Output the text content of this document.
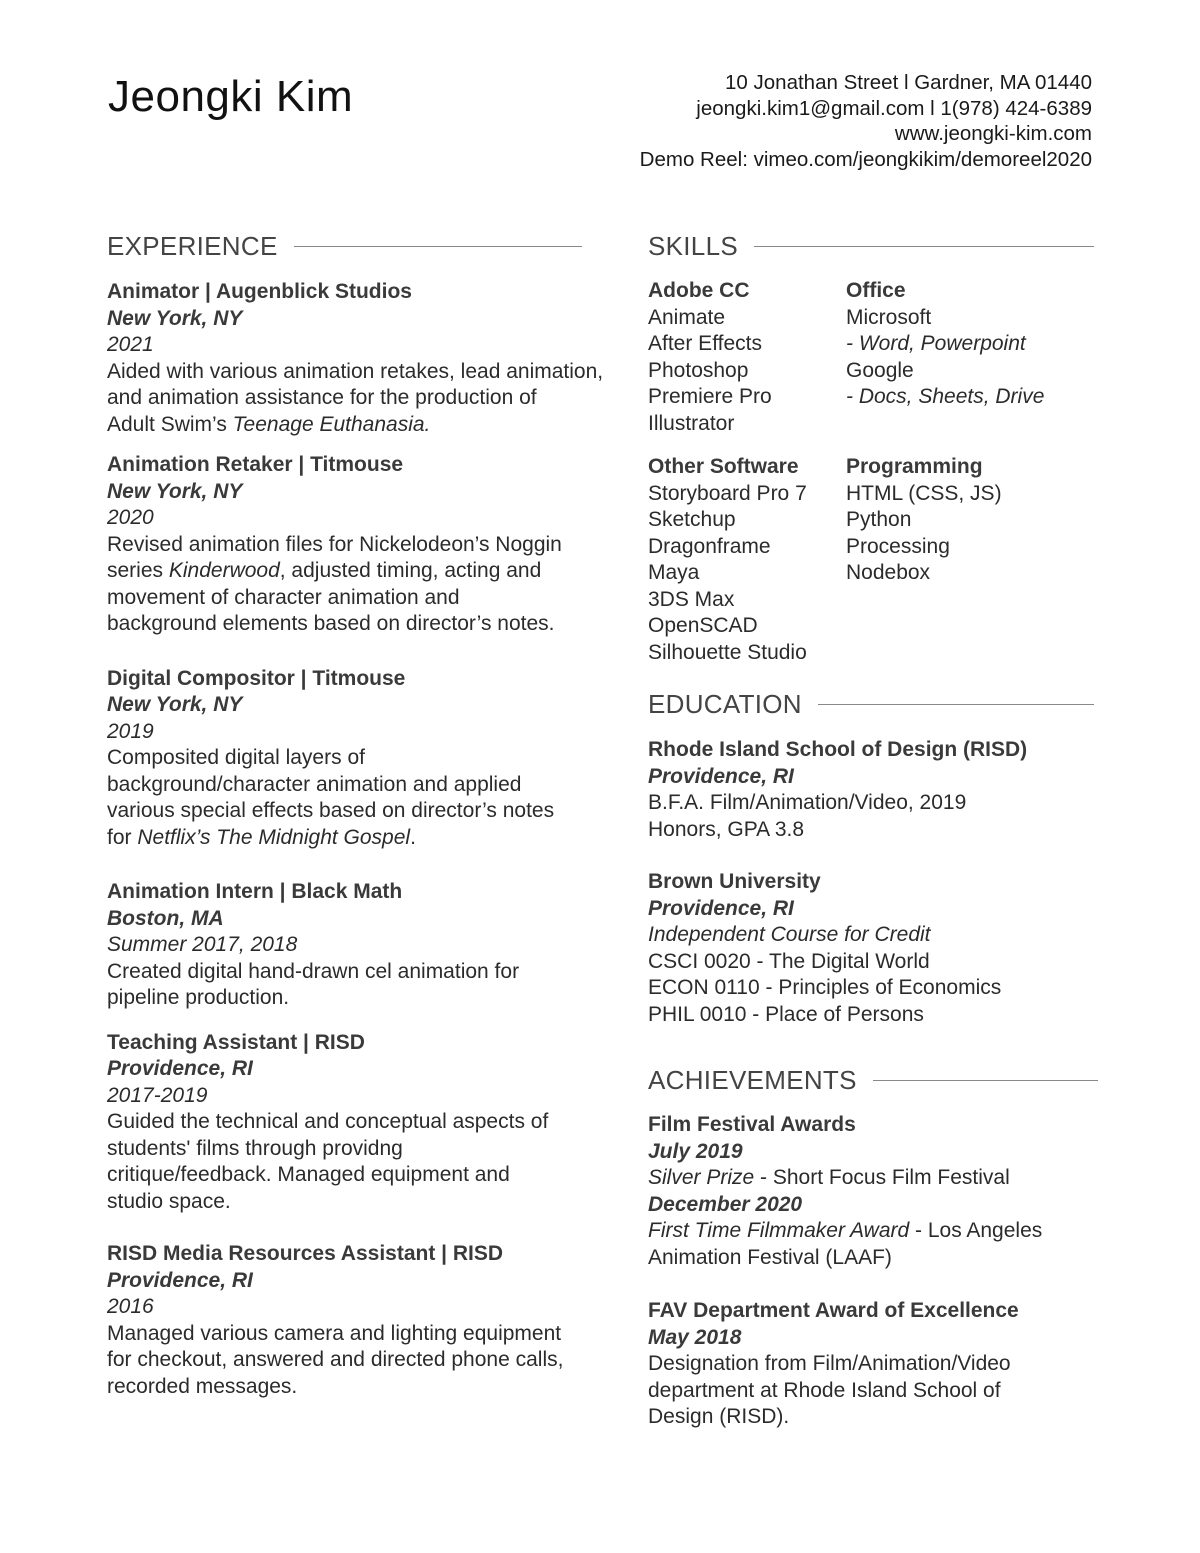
Jeongki Kim	10 Jonathan Street l Gardner, MA 01440
jeongki.kim1@gmail.com l 1(978) 424-6389
www.jeongki-kim.com
Demo Reel: vimeo.com/jeongkikim/demoreel2020
EXPERIENCE
Animator | Augenblick Studios
New York, NY
2021
Aided with various animation retakes, lead animation,
and animation assistance for the production of
Adult Swim’s Teenage Euthanasia.
Animation Retaker | Titmouse
New York, NY
2020
Revised animation files for Nickelodeon’s Noggin
series Kinderwood, adjusted timing, acting and
movement of character animation and
background elements based on director’s notes.
Digital Compositor | Titmouse
New York, NY
2019
Composited digital layers of
background/character animation and applied
various special effects based on director’s notes
for Netflix’s The Midnight Gospel.
Animation Intern | Black Math
Boston, MA
Summer 2017, 2018
Created digital hand-drawn cel animation for
pipeline production.
Teaching Assistant | RISD
Providence, RI
2017-2019
Guided the technical and conceptual aspects of
students' films through providng
critique/feedback. Managed equipment and
studio space.
RISD Media Resources Assistant | RISD
Providence, RI
2016
Managed various camera and lighting equipment
for checkout, answered and directed phone calls,
recorded messages.
SKILLS
Adobe CC
Animate
After Effects
Photoshop
Premiere Pro
Illustrator
Office
Microsoft
- Word, Powerpoint
Google
- Docs, Sheets, Drive
Other Software
Storyboard Pro 7
Sketchup
Dragonframe
Maya
3DS Max
OpenSCAD
Silhouette Studio
Programming
HTML (CSS, JS)
Python
Processing
Nodebox
EDUCATION
Rhode Island School of Design (RISD)
Providence, RI
B.F.A. Film/Animation/Video, 2019
Honors, GPA 3.8
Brown University
Providence, RI
Independent Course for Credit
CSCI 0020 - The Digital World
ECON 0110 - Principles of Economics
PHIL 0010 - Place of Persons
ACHIEVEMENTS
Film Festival Awards
July 2019
Silver Prize - Short Focus Film Festival
December 2020
First Time Filmmaker Award - Los Angeles
Animation Festival (LAAF)
FAV Department Award of Excellence
May 2018
Designation from Film/Animation/Video
department at Rhode Island School of
Design (RISD).
